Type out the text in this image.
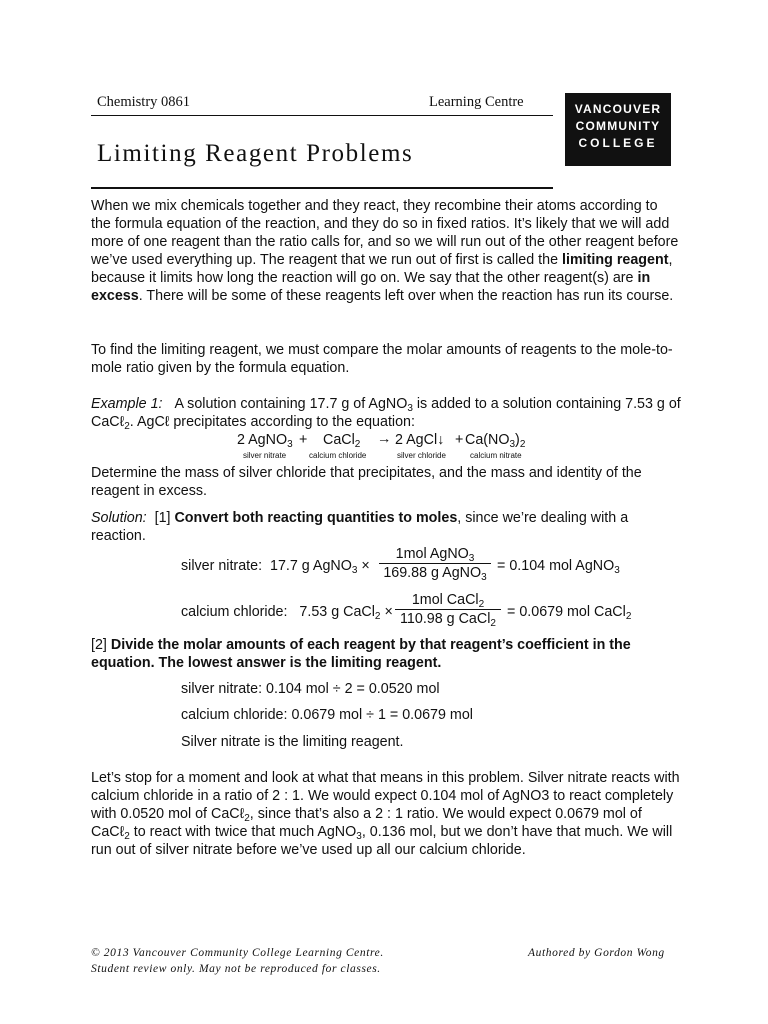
Chemistry 0861	Learning Centre
Limiting Reagent Problems
VANCOUVER
COMMUNITY
COLLEGE

When we mix chemicals together and they react, they recombine their atoms according to the formula equation of the reaction, and they do so in fixed ratios. It’s likely that we will add more of one reagent than the ratio calls for, and so we will run out of the other reagent before we’ve used everything up. The reagent that we run out of first is called the limiting reagent, because it limits how long the reaction will go on. We say that the other reagent(s) are in excess. There will be some of these reagents left over when the reaction has run its course.

To find the limiting reagent, we must compare the molar amounts of reagents to the mole-to-mole ratio given by the formula equation.

Example 1: A solution containing 17.7 g of AgNO$_3$ is added to a solution containing 7.53 g of CaCℓ$_2$. AgCℓ precipitates according to the equation:

2 AgNO$_3$ + CaCl$_2$ → 2 AgCl↓ + $Ca(NO_3)_2$
silver nitrate	calcium chloride	silver chloride	calcium nitrate

Determine the mass of silver chloride that precipitates, and the mass and identity of the reagent in excess.

Solution: [1] Convert both reacting quantities to moles, since we’re dealing with a reaction.

silver nitrate: 17.7 g AgNO$_3$ ×
1mol AgNO$_3$
169.88 g AgNO$_3$
= 0.104 mol AgNO$_3$
calcium chloride: 7.53 g CaCl$_2$ ×
1mol CaCl$_2$
110.98 g CaCl$_2$
= 0.0679 mol CaCl$_2$

[2] Divide the molar amounts of each reagent by that reagent’s coefficient in the equation. The lowest answer is the limiting reagent.

silver nitrate: 0.104 mol ÷ 2 = 0.0520 mol
calcium chloride: 0.0679 mol ÷ 1 = 0.0679 mol
Silver nitrate is the limiting reagent.

Let’s stop for a moment and look at what that means in this problem. Silver nitrate reacts with calcium chloride in a ratio of 2 : 1. We would expect 0.104 mol of AgNO3 to react completely with 0.0520 mol of CaCℓ$_2$, since that’s also a 2 : 1 ratio. We would expect 0.0679 mol of CaCℓ$_2$ to react with twice that much AgNO$_3$, 0.136 mol, but we don’t have that much. We will run out of silver nitrate before we’ve used up all our calcium chloride.

© 2013 Vancouver Community College Learning Centre.
Student review only. May not be reproduced for classes.
Authored by Gordon Wong
